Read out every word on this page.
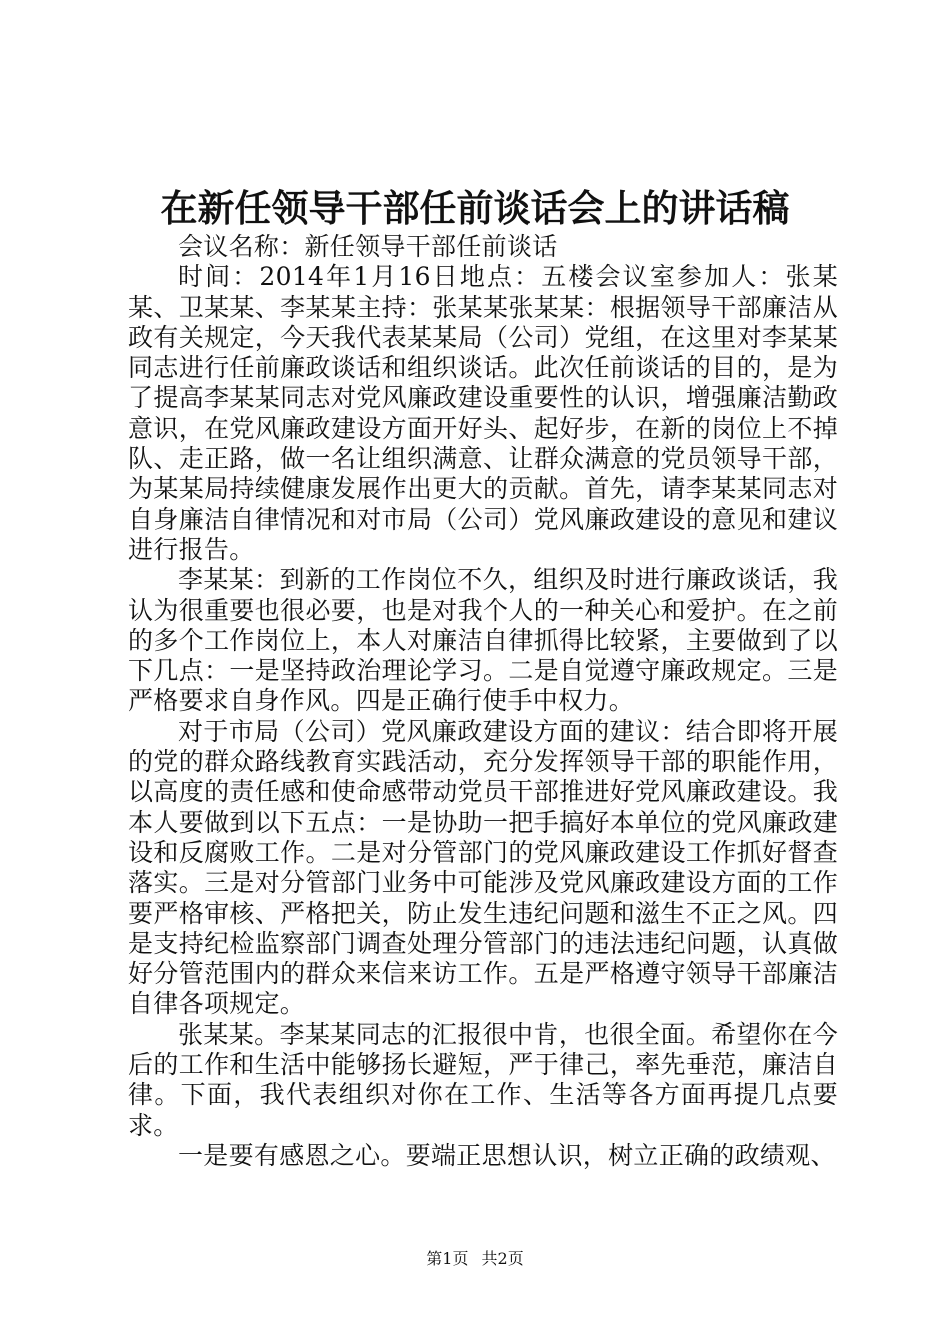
在新任领导干部任前谈话会上的讲话稿

会议名称：新任领导干部任前谈话

时间：2014年1月16日地点：五楼会议室参加人：张某某、卫某某、李某某主持：张某某张某某：根据领导干部廉洁从政有关规定，今天我代表某某局（公司）党组，在这里对李某某同志进行任前廉政谈话和组织谈话。此次任前谈话的目的，是为了提高李某某同志对党风廉政建设重要性的认识，增强廉洁勤政意识，在党风廉政建设方面开好头、起好步，在新的岗位上不掉队、走正路，做一名让组织满意、让群众满意的党员领导干部，为某某局持续健康发展作出更大的贡献。首先，请李某某同志对自身廉洁自律情况和对市局（公司）党风廉政建设的意见和建议进行报告。

李某某：到新的工作岗位不久，组织及时进行廉政谈话，我认为很重要也很必要，也是对我个人的一种关心和爱护。在之前的多个工作岗位上，本人对廉洁自律抓得比较紧，主要做到了以下几点：一是坚持政治理论学习。二是自觉遵守廉政规定。三是严格要求自身作风。四是正确行使手中权力。

对于市局（公司）党风廉政建设方面的建议：结合即将开展的党的群众路线教育实践活动，充分发挥领导干部的职能作用，以高度的责任感和使命感带动党员干部推进好党风廉政建设。我本人要做到以下五点：一是协助一把手搞好本单位的党风廉政建设和反腐败工作。二是对分管部门的党风廉政建设工作抓好督查落实。三是对分管部门业务中可能涉及党风廉政建设方面的工作要严格审核、严格把关，防止发生违纪问题和滋生不正之风。四是支持纪检监察部门调查处理分管部门的违法违纪问题，认真做好分管范围内的群众来信来访工作。五是严格遵守领导干部廉洁自律各项规定。

张某某。李某某同志的汇报很中肯，也很全面。希望你在今后的工作和生活中能够扬长避短，严于律己，率先垂范，廉洁自律。下面，我代表组织对你在工作、生活等各方面再提几点要求。

一是要有感恩之心。要端正思想认识，树立正确的政绩观、

第1页 共2页
